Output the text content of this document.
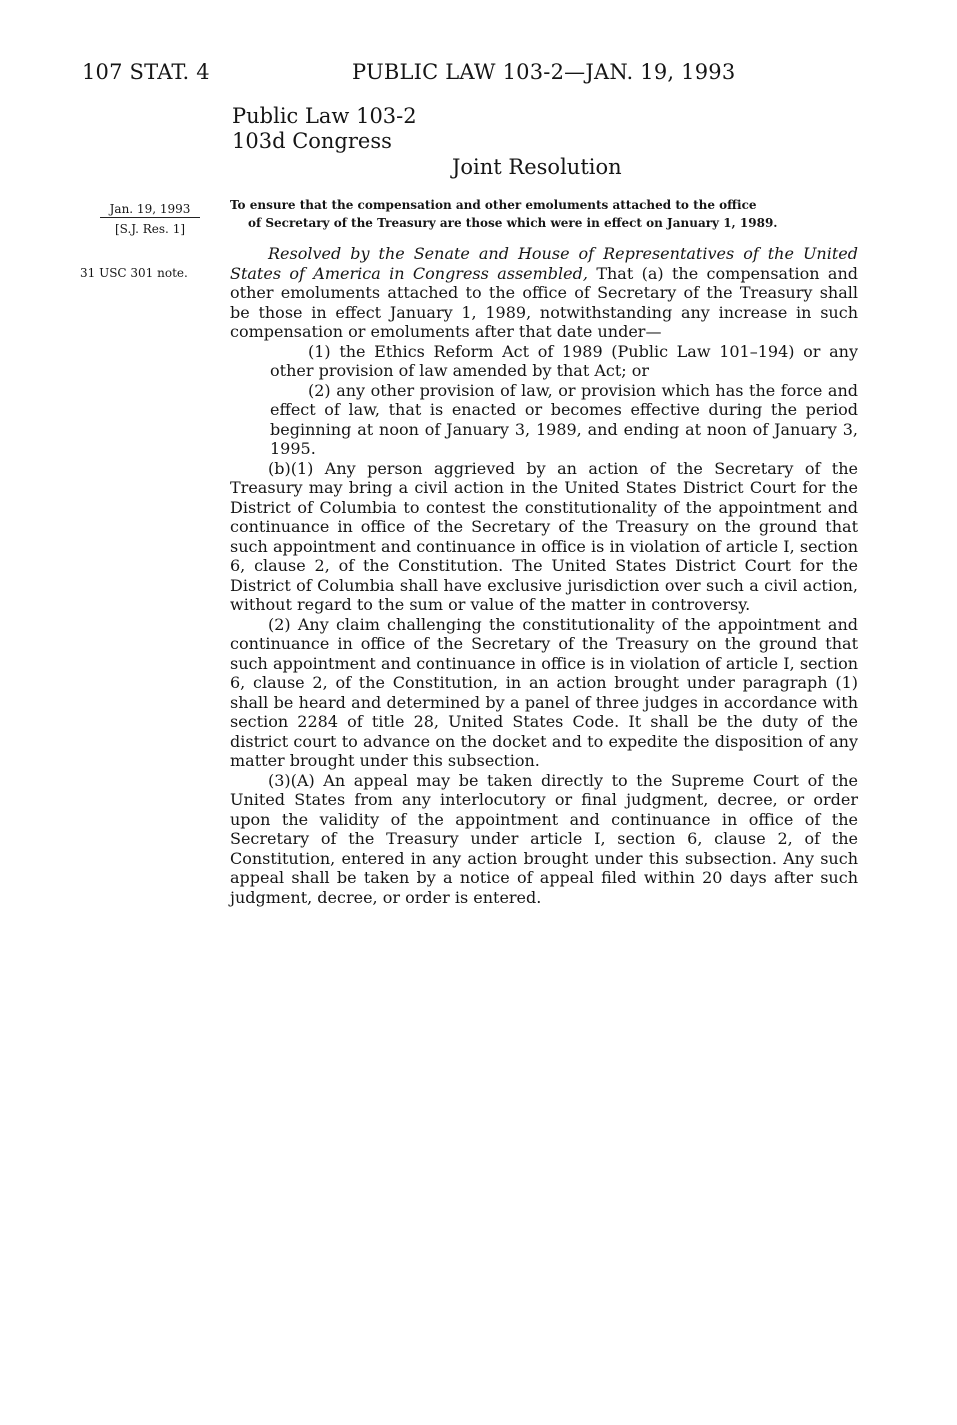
107 STAT. 4	PUBLIC LAW 103-2—JAN. 19, 1993
Public Law 103-2
103d Congress
Joint Resolution
Jan. 19, 1993
[S.J. Res. 1]
31 USC 301 note.
To ensure that the compensation and other emoluments attached to the office
of Secretary of the Treasury are those which were in effect on January 1, 1989.

Resolved by the Senate and House of Representatives of the United States of America in Congress assembled, That (a) the compensation and other emoluments attached to the office of Secretary of the Treasury shall be those in effect January 1, 1989, notwithstanding any increase in such compensation or emoluments after that date under—

(1) the Ethics Reform Act of 1989 (Public Law 101–194) or any other provision of law amended by that Act; or

(2) any other provision of law, or provision which has the force and effect of law, that is enacted or becomes effective during the period beginning at noon of January 3, 1989, and ending at noon of January 3, 1995.

(b)(1) Any person aggrieved by an action of the Secretary of the Treasury may bring a civil action in the United States District Court for the District of Columbia to contest the constitutionality of the appointment and continuance in office of the Secretary of the Treasury on the ground that such appointment and continuance in office is in violation of article I, section 6, clause 2, of the Constitution. The United States District Court for the District of Columbia shall have exclusive jurisdiction over such a civil action, without regard to the sum or value of the matter in controversy.

(2) Any claim challenging the constitutionality of the appointment and continuance in office of the Secretary of the Treasury on the ground that such appointment and continuance in office is in violation of article I, section 6, clause 2, of the Constitution, in an action brought under paragraph (1) shall be heard and determined by a panel of three judges in accordance with section 2284 of title 28, United States Code. It shall be the duty of the district court to advance on the docket and to expedite the disposition of any matter brought under this subsection.

(3)(A) An appeal may be taken directly to the Supreme Court of the United States from any interlocutory or final judgment, decree, or order upon the validity of the appointment and continuance in office of the Secretary of the Treasury under article I, section 6, clause 2, of the Constitution, entered in any action brought under this subsection. Any such appeal shall be taken by a notice of appeal filed within 20 days after such judgment, decree, or order is entered.
